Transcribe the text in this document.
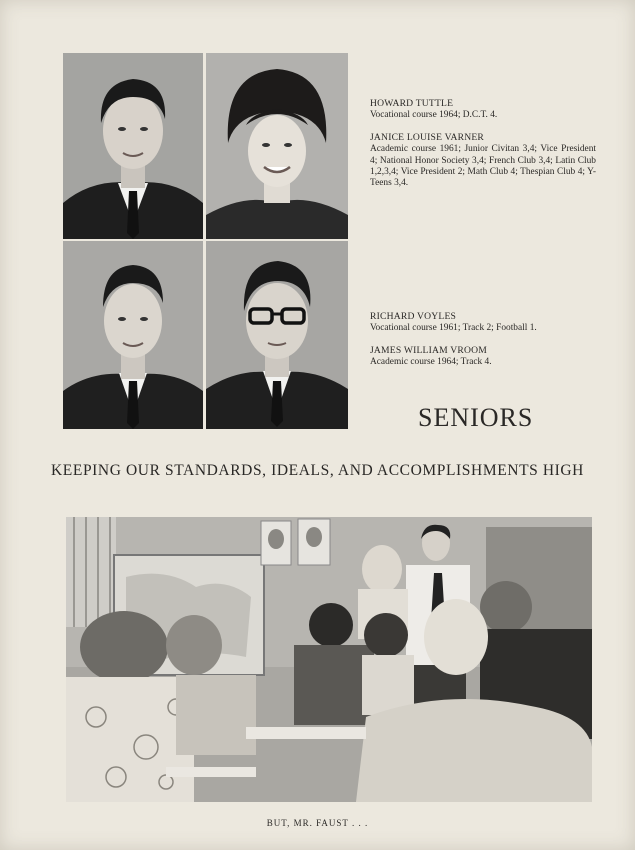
HOWARD TUTTLE
Vocational course 1964; D.C.T. 4.

JANICE LOUISE VARNER
Academic course 1961; Junior Civitan 3,4; Vice President 4; National Honor Society 3,4; French Club 3,4; Latin Club 1,2,3,4; Vice President 2; Math Club 4; Thespian Club 4; Y-Teens 3,4.

RICHARD VOYLES
Vocational course 1961; Track 2; Football 1.

JAMES WILLIAM VROOM
Academic course 1964; Track 4.

SENIORS
KEEPING OUR STANDARDS, IDEALS, AND ACCOMPLISHMENTS HIGH
BUT, MR. FAUST . . .
